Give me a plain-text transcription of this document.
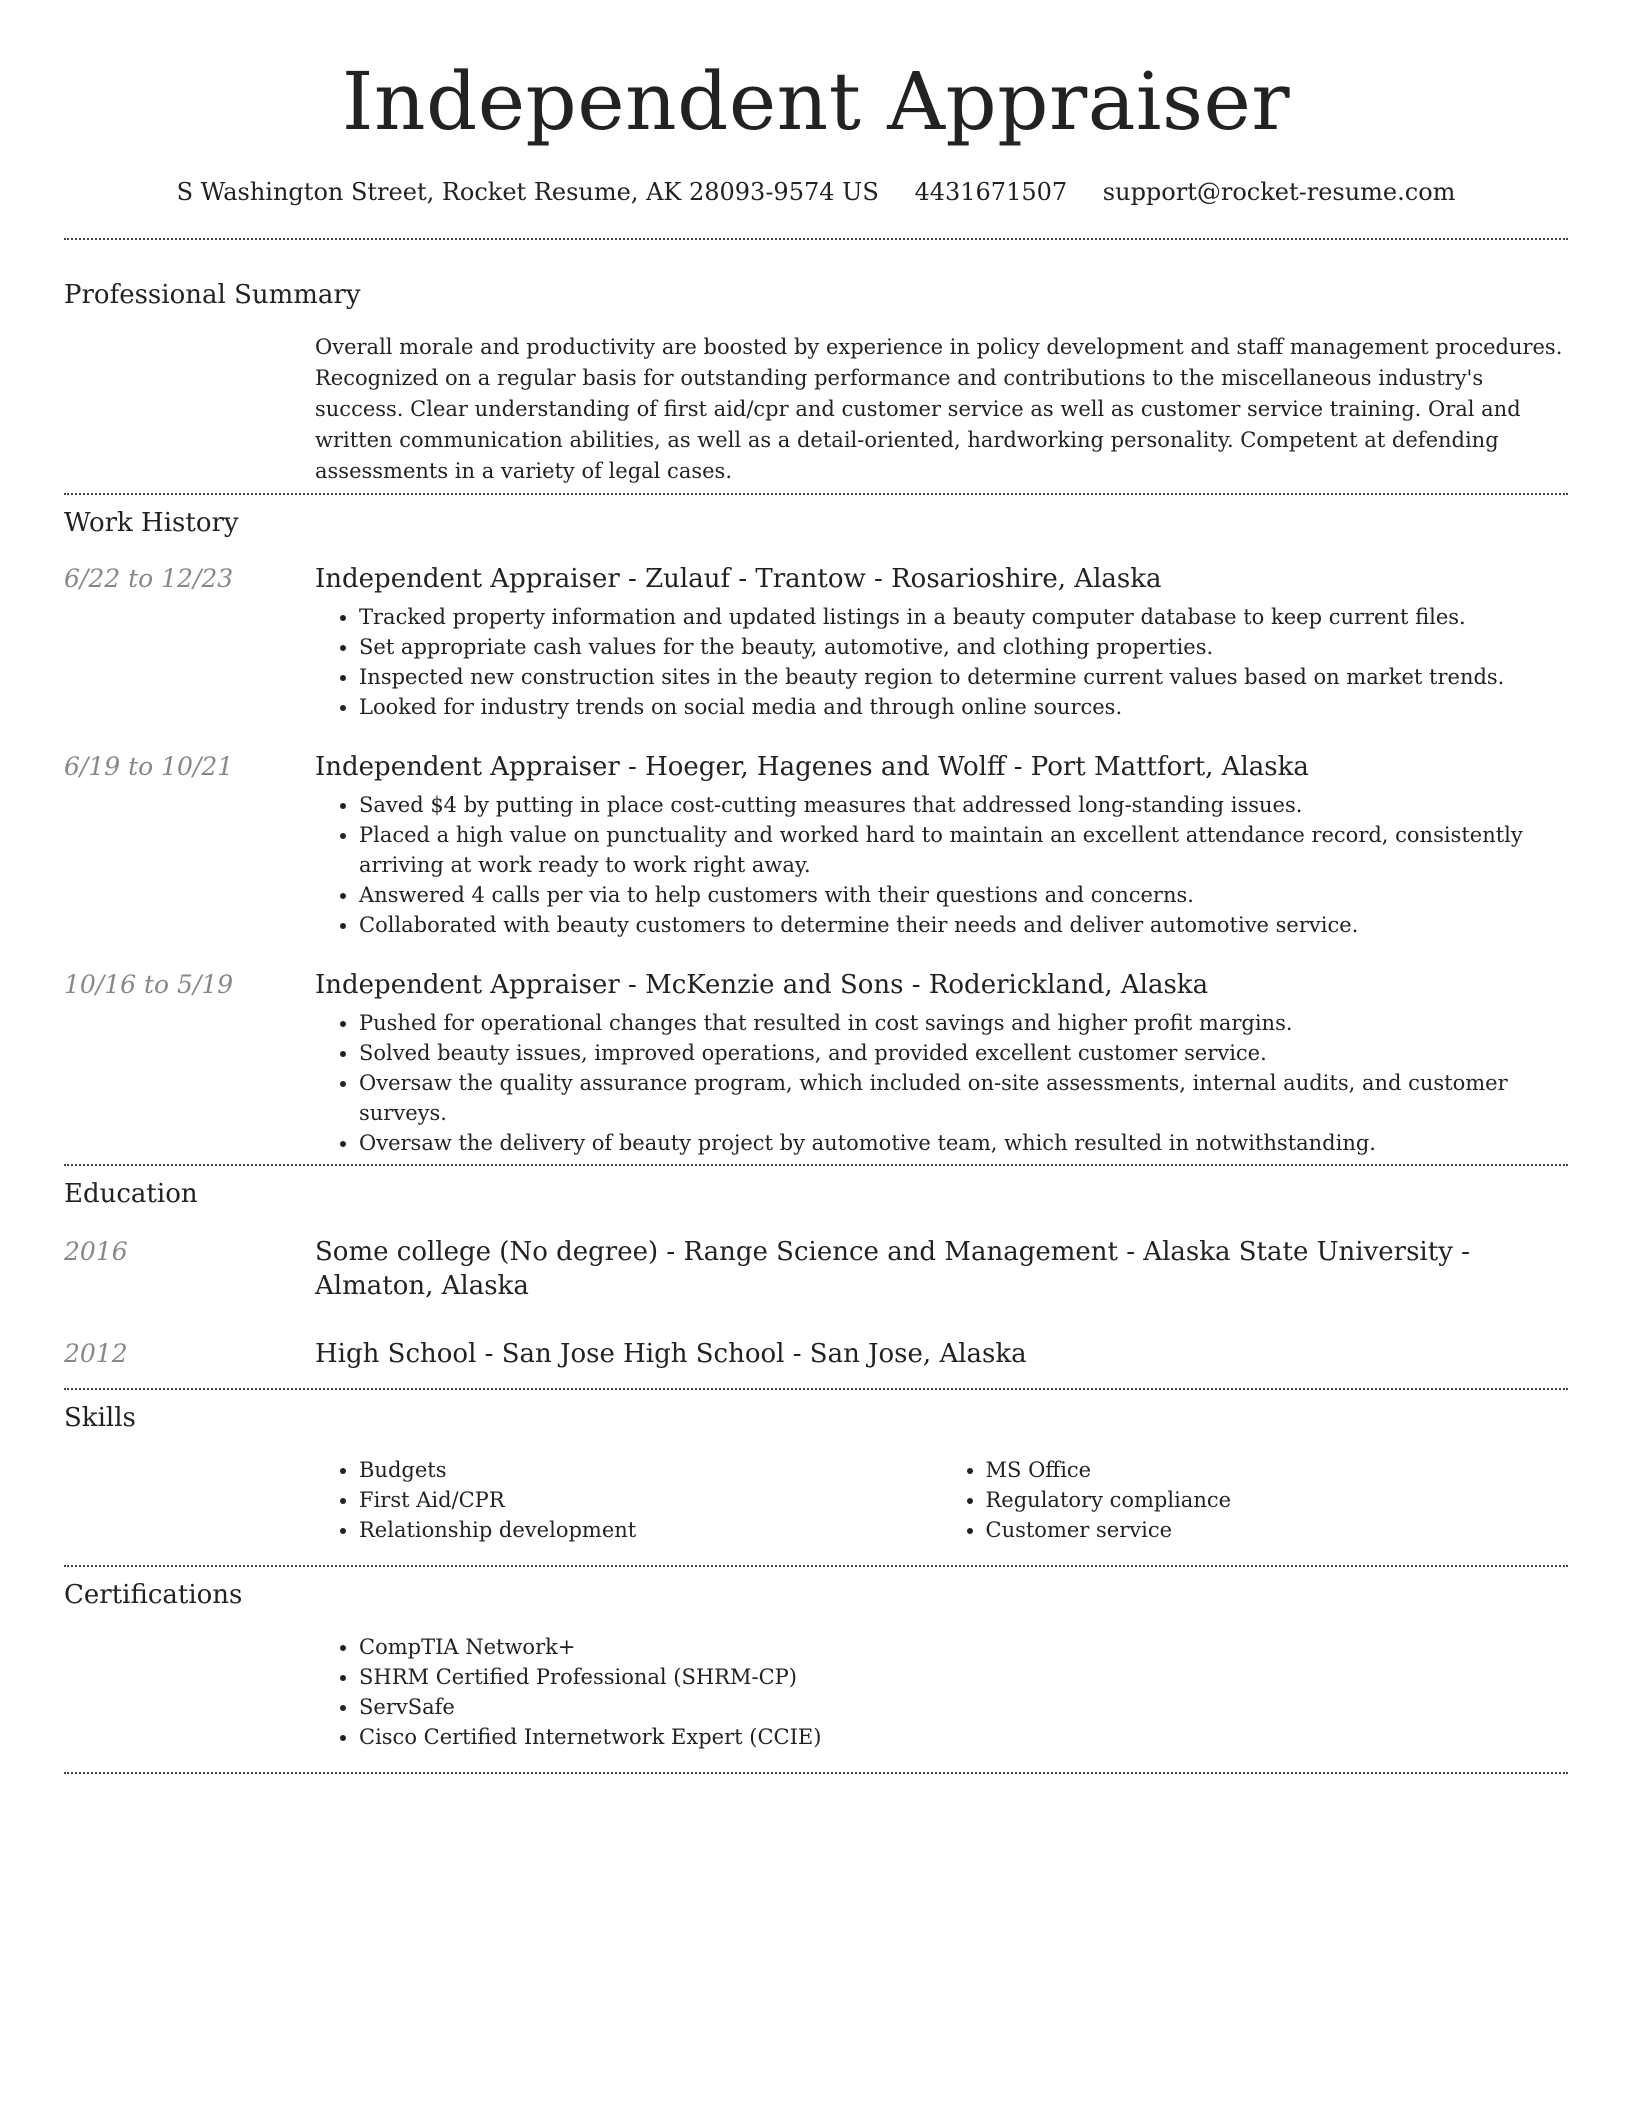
Independent Appraiser
S Washington Street, Rocket Resume, AK 28093-9574 US 4431671507 support@rocket-resume.com
Professional Summary
Overall morale and productivity are boosted by experience in policy development and staff management procedures. Recognized on a regular basis for outstanding performance and contributions to the miscellaneous industry's success. Clear understanding of first aid/cpr and customer service as well as customer service training. Oral and written communication abilities, as well as a detail-oriented, hardworking personality. Competent at defending assessments in a variety of legal cases.
Work History
6/22 to 12/23	Independent Appraiser - Zulauf - Trantow - Rosarioshire, Alaska
• Tracked property information and updated listings in a beauty computer database to keep current files.
• Set appropriate cash values for the beauty, automotive, and clothing properties.
• Inspected new construction sites in the beauty region to determine current values based on market trends.
• Looked for industry trends on social media and through online sources.
6/19 to 10/21	Independent Appraiser - Hoeger, Hagenes and Wolff - Port Mattfort, Alaska
• Saved $4 by putting in place cost-cutting measures that addressed long-standing issues.
• Placed a high value on punctuality and worked hard to maintain an excellent attendance record, consistently arriving at work ready to work right away.
• Answered 4 calls per via to help customers with their questions and concerns.
• Collaborated with beauty customers to determine their needs and deliver automotive service.
10/16 to 5/19	Independent Appraiser - McKenzie and Sons - Roderickland, Alaska
• Pushed for operational changes that resulted in cost savings and higher profit margins.
• Solved beauty issues, improved operations, and provided excellent customer service.
• Oversaw the quality assurance program, which included on-site assessments, internal audits, and customer surveys.
• Oversaw the delivery of beauty project by automotive team, which resulted in notwithstanding.
Education
2016	Some college (No degree) - Range Science and Management - Alaska State University - Almaton, Alaska
2012	High School - San Jose High School - San Jose, Alaska
Skills
• Budgets
• First Aid/CPR
• Relationship development
• MS Office
• Regulatory compliance
• Customer service
Certifications
• CompTIA Network+
• SHRM Certified Professional (SHRM-CP)
• ServSafe
• Cisco Certified Internetwork Expert (CCIE)
